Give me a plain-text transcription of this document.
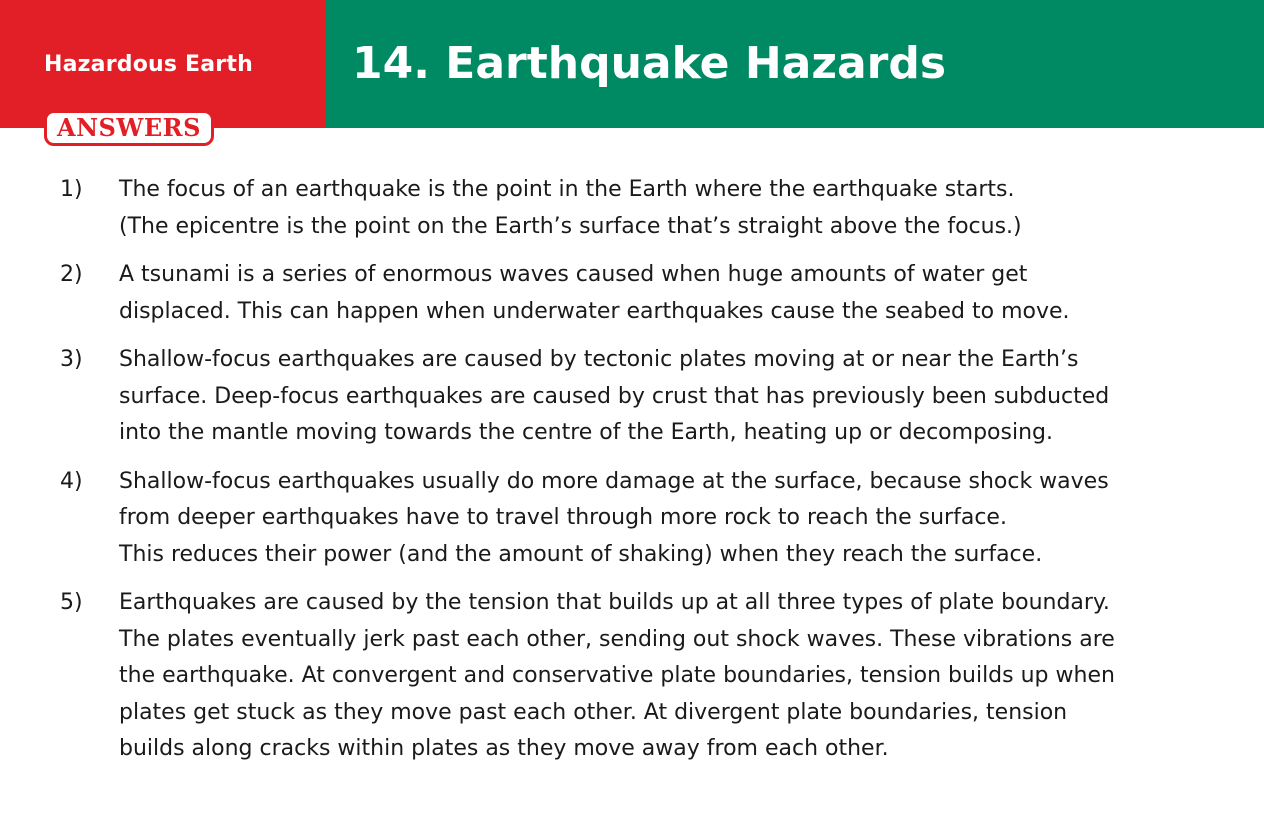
Hazardous Earth 14. Earthquake Hazards
ANSWERS
1) The focus of an earthquake is the point in the Earth where the earthquake starts.
(The epicentre is the point on the Earth’s surface that’s straight above the focus.)
2) A tsunami is a series of enormous waves caused when huge amounts of water get
displaced. This can happen when underwater earthquakes cause the seabed to move.
3) Shallow-focus earthquakes are caused by tectonic plates moving at or near the Earth’s
surface. Deep-focus earthquakes are caused by crust that has previously been subducted
into the mantle moving towards the centre of the Earth, heating up or decomposing.
4) Shallow-focus earthquakes usually do more damage at the surface, because shock waves
from deeper earthquakes have to travel through more rock to reach the surface.
This reduces their power (and the amount of shaking) when they reach the surface.
5) Earthquakes are caused by the tension that builds up at all three types of plate boundary.
The plates eventually jerk past each other, sending out shock waves. These vibrations are
the earthquake. At convergent and conservative plate boundaries, tension builds up when
plates get stuck as they move past each other. At divergent plate boundaries, tension
builds along cracks within plates as they move away from each other.
